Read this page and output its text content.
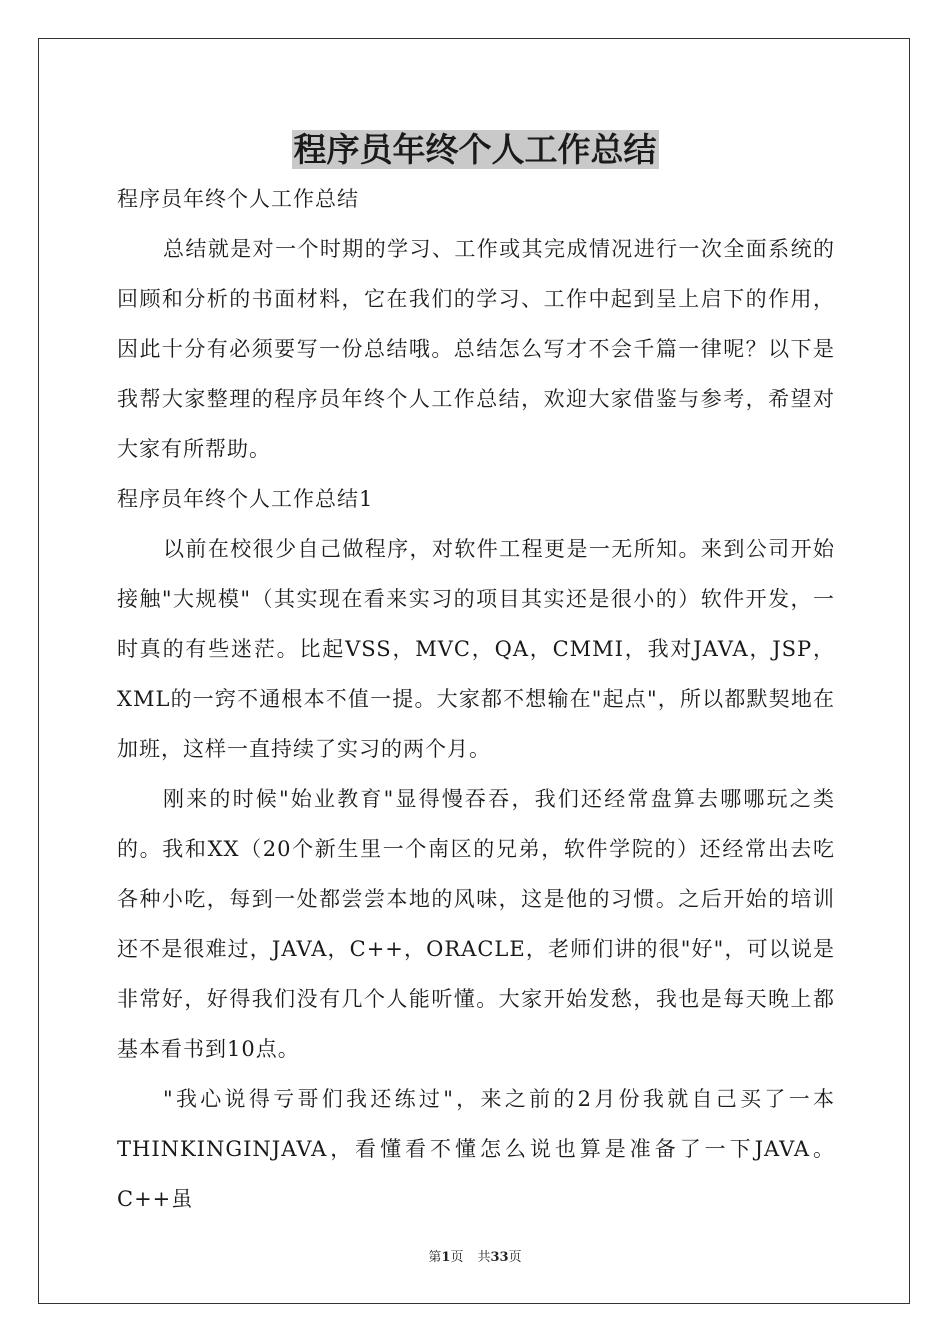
程序员年终个人工作总结

程序员年终个人工作总结

总结就是对一个时期的学习、工作或其完成情况进行一次全面系统的回顾和分析的书面材料，它在我们的学习、工作中起到呈上启下的作用，因此十分有必须要写一份总结哦。总结怎么写才不会千篇一律呢？以下是我帮大家整理的程序员年终个人工作总结，欢迎大家借鉴与参考，希望对大家有所帮助。

程序员年终个人工作总结1

以前在校很少自己做程序，对软件工程更是一无所知。来到公司开始接触"大规模"（其实现在看来实习的项目其实还是很小的）软件开发，一时真的有些迷茫。比起VSS，MVC，QA，CMMI，我对JAVA，JSP，XML的一窍不通根本不值一提。大家都不想输在"起点"，所以都默契地在加班，这样一直持续了实习的两个月。

刚来的时候"始业教育"显得慢吞吞，我们还经常盘算去哪哪玩之类的。我和XX（20个新生里一个南区的兄弟，软件学院的）还经常出去吃各种小吃，每到一处都尝尝本地的风味，这是他的习惯。之后开始的培训还不是很难过，JAVA，C++，ORACLE，老师们讲的很"好"，可以说是非常好，好得我们没有几个人能听懂。大家开始发愁，我也是每天晚上都基本看书到10点。

"我心说得亏哥们我还练过"，来之前的2月份我就自己买了一本THINKINGINJAVA，看懂看不懂怎么说也算是准备了一下JAVA。C++虽

第1页 共33页
